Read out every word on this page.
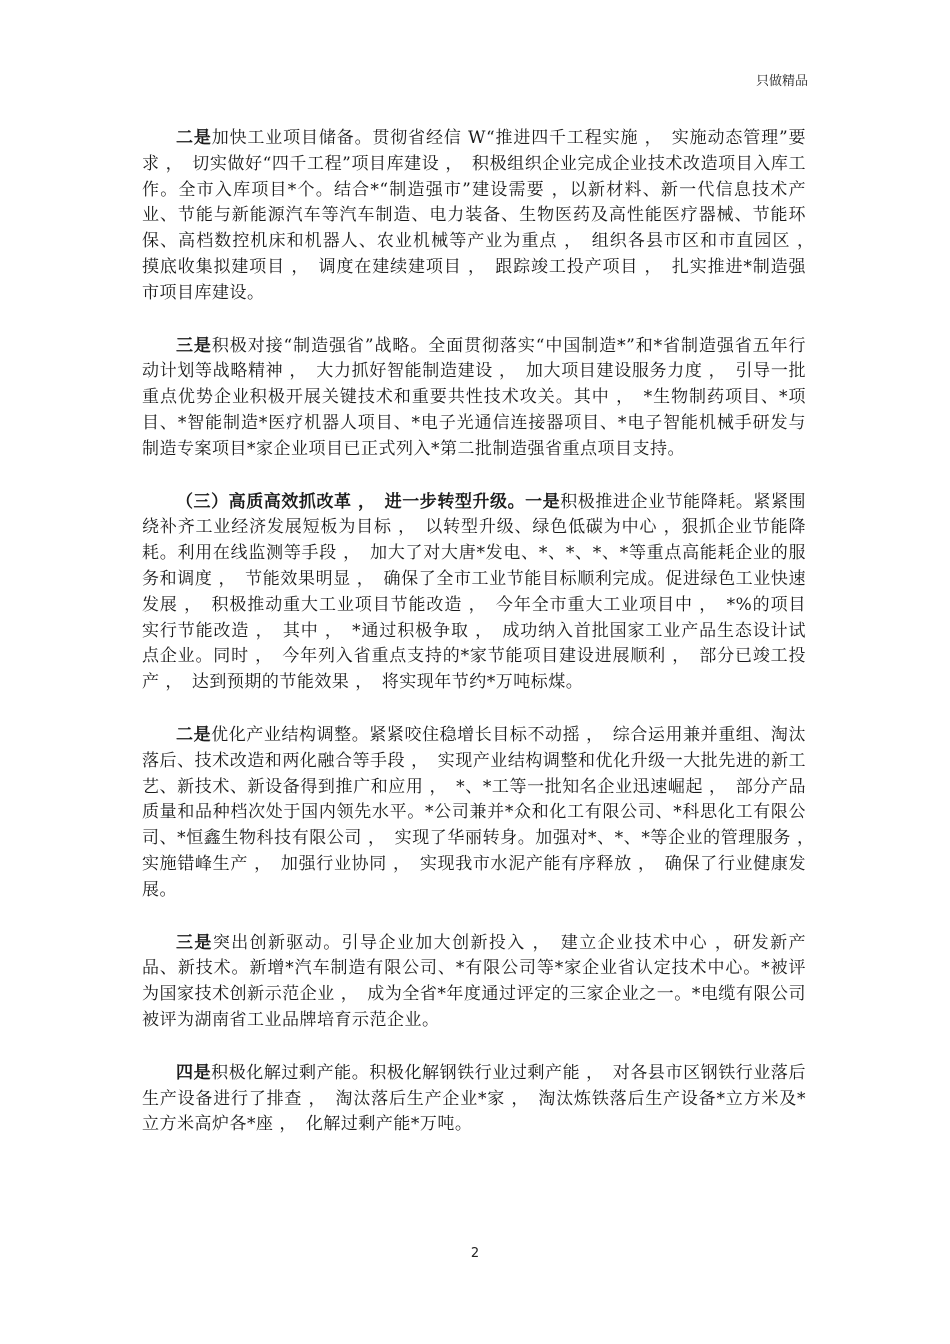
只做精品

二是加快工业项目储备。贯彻省经信 W“推进四千工程实施 ，　实施动态管理”要求 ，　切实做好“四千工程”项目库建设 ，　积极组织企业完成企业技术改造项目入库工作。全市入库项目*个。结合*“制造强市”建设需要 ，以新材料、新一代信息技术产业、节能与新能源汽车等汽车制造、电力装备、生物医药及高性能医疗器械、节能环保、高档数控机床和机器人、农业机械等产业为重点 ，　组织各县市区和市直园区 ，　摸底收集拟建项目 ，　调度在建续建项目 ，　跟踪竣工投产项目 ，　扎实推进*制造强市项目库建设。

三是积极对接“制造强省”战略。全面贯彻落实“中国制造*”和*省制造强省五年行动计划等战略精神 ，　大力抓好智能制造建设 ，　加大项目建设服务力度 ，　引导一批重点优势企业积极开展关键技术和重要共性技术攻关。其中 ，　*生物制药项目、*项目、*智能制造*医疗机器人项目、*电子光通信连接器项目、*电子智能机械手研发与制造专案项目*家企业项目已正式列入*第二批制造强省重点项目支持。

（三）高质高效抓改革 ，　进一步转型升级。一是积极推进企业节能降耗。紧紧围绕补齐工业经济发展短板为目标 ，　以转型升级、绿色低碳为中心 ，狠抓企业节能降耗。利用在线监测等手段 ，　加大了对大唐*发电、*、*、*、*等重点高能耗企业的服务和调度 ，　节能效果明显 ，　确保了全市工业节能目标顺利完成。促进绿色工业快速发展 ，　积极推动重大工业项目节能改造 ，　今年全市重大工业项目中 ，　*%的项目实行节能改造 ，　其中 ，　*通过积极争取 ，　成功纳入首批国家工业产品生态设计试点企业。同时 ，　今年列入省重点支持的*家节能项目建设进展顺利 ，　部分已竣工投产 ，　达到预期的节能效果 ，　将实现年节约*万吨标煤。

二是优化产业结构调整。紧紧咬住稳增长目标不动摇 ，　综合运用兼并重组、淘汰落后、技术改造和两化融合等手段 ，　实现产业结构调整和优化升级一大批先进的新工艺、新技术、新设备得到推广和应用 ，　*、*工等一批知名企业迅速崛起 ，　部分产品质量和品种档次处于国内领先水平。*公司兼并*众和化工有限公司、*科思化工有限公司、*恒鑫生物科技有限公司 ，　实现了华丽转身。加强对*、*、*等企业的管理服务 ，　实施错峰生产 ，　加强行业协同 ，　实现我市水泥产能有序释放 ，　确保了行业健康发展。

三是突出创新驱动。引导企业加大创新投入 ，　建立企业技术中心 ，研发新产品、新技术。新增*汽车制造有限公司、*有限公司等*家企业省认定技术中心。*被评为国家技术创新示范企业 ，　成为全省*年度通过评定的三家企业之一。*电缆有限公司被评为湖南省工业品牌培育示范企业。

四是积极化解过剩产能。积极化解钢铁行业过剩产能 ，　对各县市区钢铁行业落后生产设备进行了排查 ，　淘汰落后生产企业*家 ，　淘汰炼铁落后生产设备*立方米及*立方米高炉各*座 ，　化解过剩产能*万吨。

2
